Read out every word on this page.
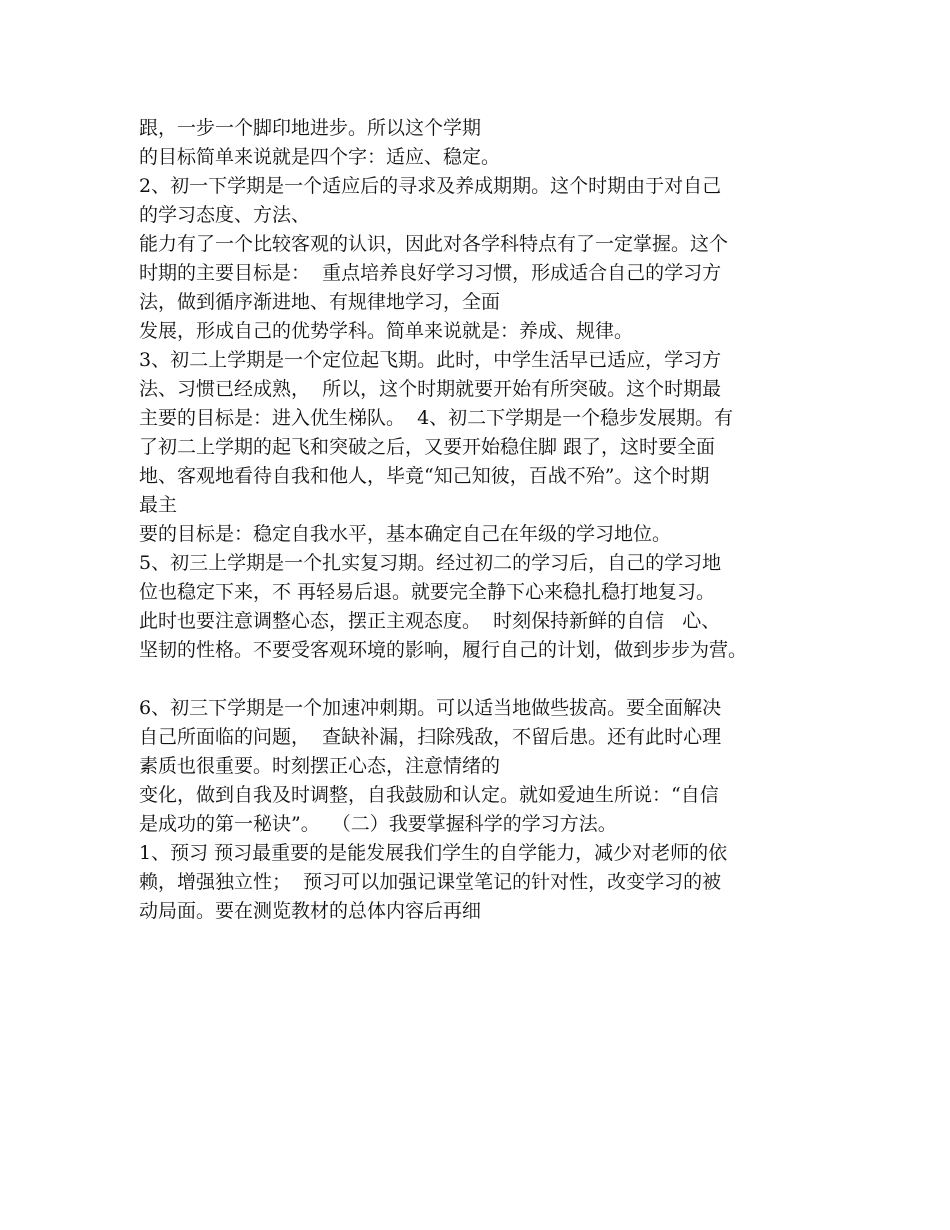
跟，一步一个脚印地进步。所以这个学期
的目标简单来说就是四个字：适应、稳定。
2、初一下学期是一个适应后的寻求及养成期期。这个时期由于对自己
的学习态度、方法、
能力有了一个比较客观的认识，因此对各学科特点有了一定掌握。这个
时期的主要目标是：  重点培养良好学习习惯，形成适合自己的学习方
法，做到循序渐进地、有规律地学习，全面
发展，形成自己的优势学科。简单来说就是：养成、规律。
3、初二上学期是一个定位起飞期。此时，中学生活早已适应，学习方
法、习惯已经成熟，  所以，这个时期就要开始有所突破。这个时期最
主要的目标是：进入优生梯队。  4、初二下学期是一个稳步发展期。有
了初二上学期的起飞和突破之后，又要开始稳住脚 跟了，这时要全面
地、客观地看待自我和他人，毕竟“知己知彼，百战不殆”。这个时期
最主
要的目标是：稳定自我水平，基本确定自己在年级的学习地位。
5、初三上学期是一个扎实复习期。经过初二的学习后，自己的学习地
位也稳定下来，不 再轻易后退。就要完全静下心来稳扎稳打地复习。
此时也要注意调整心态，摆正主观态度。  时刻保持新鲜的自信   心、
坚韧的性格。不要受客观环境的影响，履行自己的计划，做到步步为营。
6、初三下学期是一个加速冲刺期。可以适当地做些拔高。要全面解决
自己所面临的问题，  查缺补漏，扫除残敌，不留后患。还有此时心理
素质也很重要。时刻摆正心态，注意情绪的
变化，做到自我及时调整，自我鼓励和认定。就如爱迪生所说：“自信
是成功的第一秘诀”。  （二）我要掌握科学的学习方法。
1、预习 预习最重要的是能发展我们学生的自学能力，减少对老师的依
赖，增强独立性；  预习可以加强记课堂笔记的针对性，改变学习的被
动局面。要在测览教材的总体内容后再细
